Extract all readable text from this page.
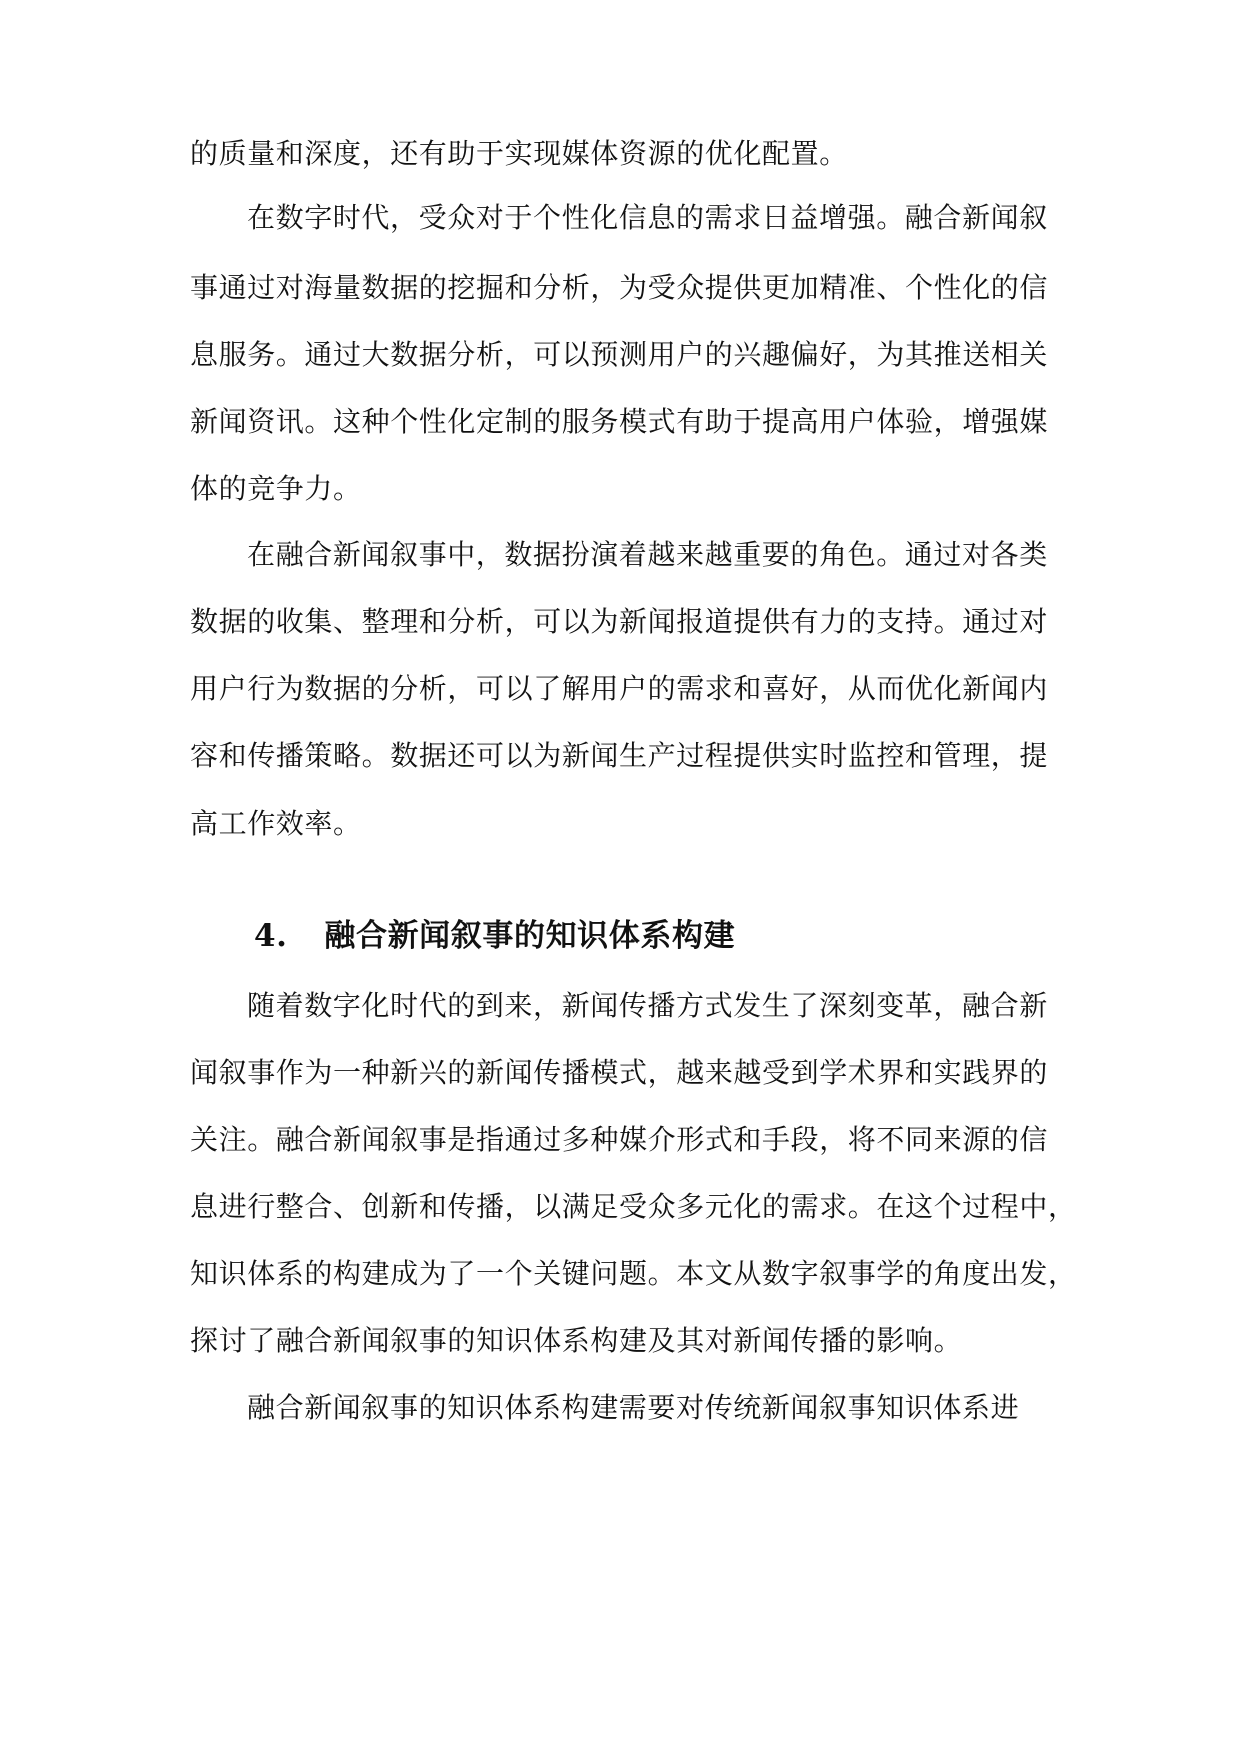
的质量和深度，还有助于实现媒体资源的优化配置。
在数字时代，受众对于个性化信息的需求日益增强。融合新闻叙
事通过对海量数据的挖掘和分析，为受众提供更加精准、个性化的信
息服务。通过大数据分析，可以预测用户的兴趣偏好，为其推送相关
新闻资讯。这种个性化定制的服务模式有助于提高用户体验，增强媒
体的竞争力。
在融合新闻叙事中，数据扮演着越来越重要的角色。通过对各类
数据的收集、整理和分析，可以为新闻报道提供有力的支持。通过对
用户行为数据的分析，可以了解用户的需求和喜好，从而优化新闻内
容和传播策略。数据还可以为新闻生产过程提供实时监控和管理，提
高工作效率。
4. 融合新闻叙事的知识体系构建
随着数字化时代的到来，新闻传播方式发生了深刻变革，融合新
闻叙事作为一种新兴的新闻传播模式，越来越受到学术界和实践界的
关注。融合新闻叙事是指通过多种媒介形式和手段，将不同来源的信
息进行整合、创新和传播，以满足受众多元化的需求。在这个过程中，
知识体系的构建成为了一个关键问题。本文从数字叙事学的角度出发，
探讨了融合新闻叙事的知识体系构建及其对新闻传播的影响。
融合新闻叙事的知识体系构建需要对传统新闻叙事知识体系进
